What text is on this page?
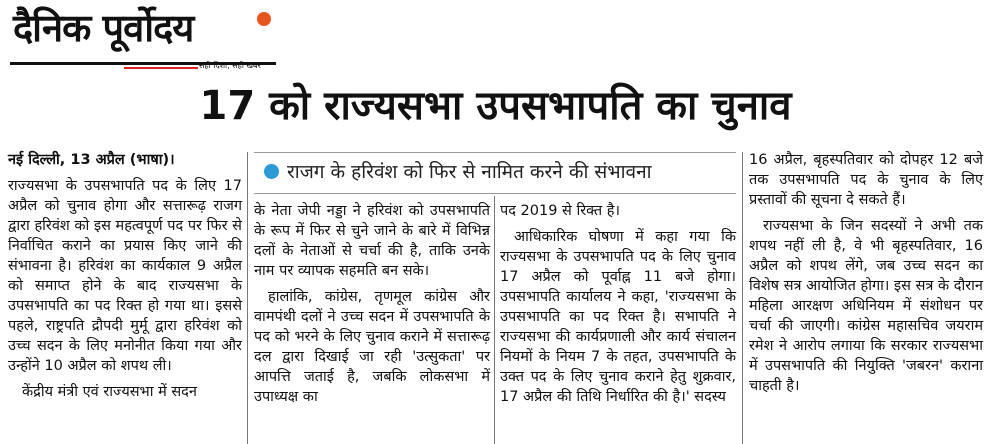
दैनिक पूर्वोदय
सही दिशा, सही खबर
17 को राज्यसभा उपसभापति का चुनाव

नई दिल्ली, 13 अप्रैल (भाषा)।

राज्यसभा के उपसभापति पद के लिए 17 अप्रैल को चुनाव होगा और सत्तारूढ़ राजग द्वारा हरिवंश को इस महत्वपूर्ण पद पर फिर से निर्वाचित कराने का प्रयास किए जाने की संभावना है। हरिवंश का कार्यकाल 9 अप्रैल को समाप्त होने के बाद राज्यसभा के उपसभापति का पद रिक्त हो गया था। इससे पहले, राष्ट्रपति द्रौपदी मुर्मू द्वारा हरिवंश को उच्च सदन के लिए मनोनीत किया गया और उन्होंने 10 अप्रैल को शपथ ली।

केंद्रीय मंत्री एवं राज्यसभा में सदन

राजग के हरिवंश को फिर से नामित करने की संभावना

के नेता जेपी नड्डा ने हरिवंश को उपसभापति के रूप में फिर से चुने जाने के बारे में विभिन्न दलों के नेताओं से चर्चा की है, ताकि उनके नाम पर व्यापक सहमति बन सके।

हालांकि, कांग्रेस, तृणमूल कांग्रेस और वामपंथी दलों ने उच्च सदन में उपसभापति के पद को भरने के लिए चुनाव कराने में सत्तारूढ़ दल द्वारा दिखाई जा रही 'उत्सुकता' पर आपत्ति जताई है, जबकि लोकसभा में उपाध्यक्ष का

पद 2019 से रिक्त है।

आधिकारिक घोषणा में कहा गया कि राज्यसभा के उपसभापति पद के लिए चुनाव 17 अप्रैल को पूर्वाह्न 11 बजे होगा। उपसभापति कार्यालय ने कहा, 'राज्यसभा के उपसभापति का पद रिक्त है। सभापति ने राज्यसभा की कार्यप्रणाली और कार्य संचालन नियमों के नियम 7 के तहत, उपसभापति के उक्त पद के लिए चुनाव कराने हेतु शुक्रवार, 17 अप्रैल की तिथि निर्धारित की है।' सदस्य

16 अप्रैल, बृहस्पतिवार को दोपहर 12 बजे तक उपसभापति पद के चुनाव के लिए प्रस्तावों की सूचना दे सकते हैं।

राज्यसभा के जिन सदस्यों ने अभी तक शपथ नहीं ली है, वे भी बृहस्पतिवार, 16 अप्रैल को शपथ लेंगे, जब उच्च सदन का विशेष सत्र आयोजित होगा। इस सत्र के दौरान महिला आरक्षण अधिनियम में संशोधन पर चर्चा की जाएगी। कांग्रेस महासचिव जयराम रमेश ने आरोप लगाया कि सरकार राज्यसभा में उपसभापति की नियुक्ति 'जबरन' कराना चाहती है।
